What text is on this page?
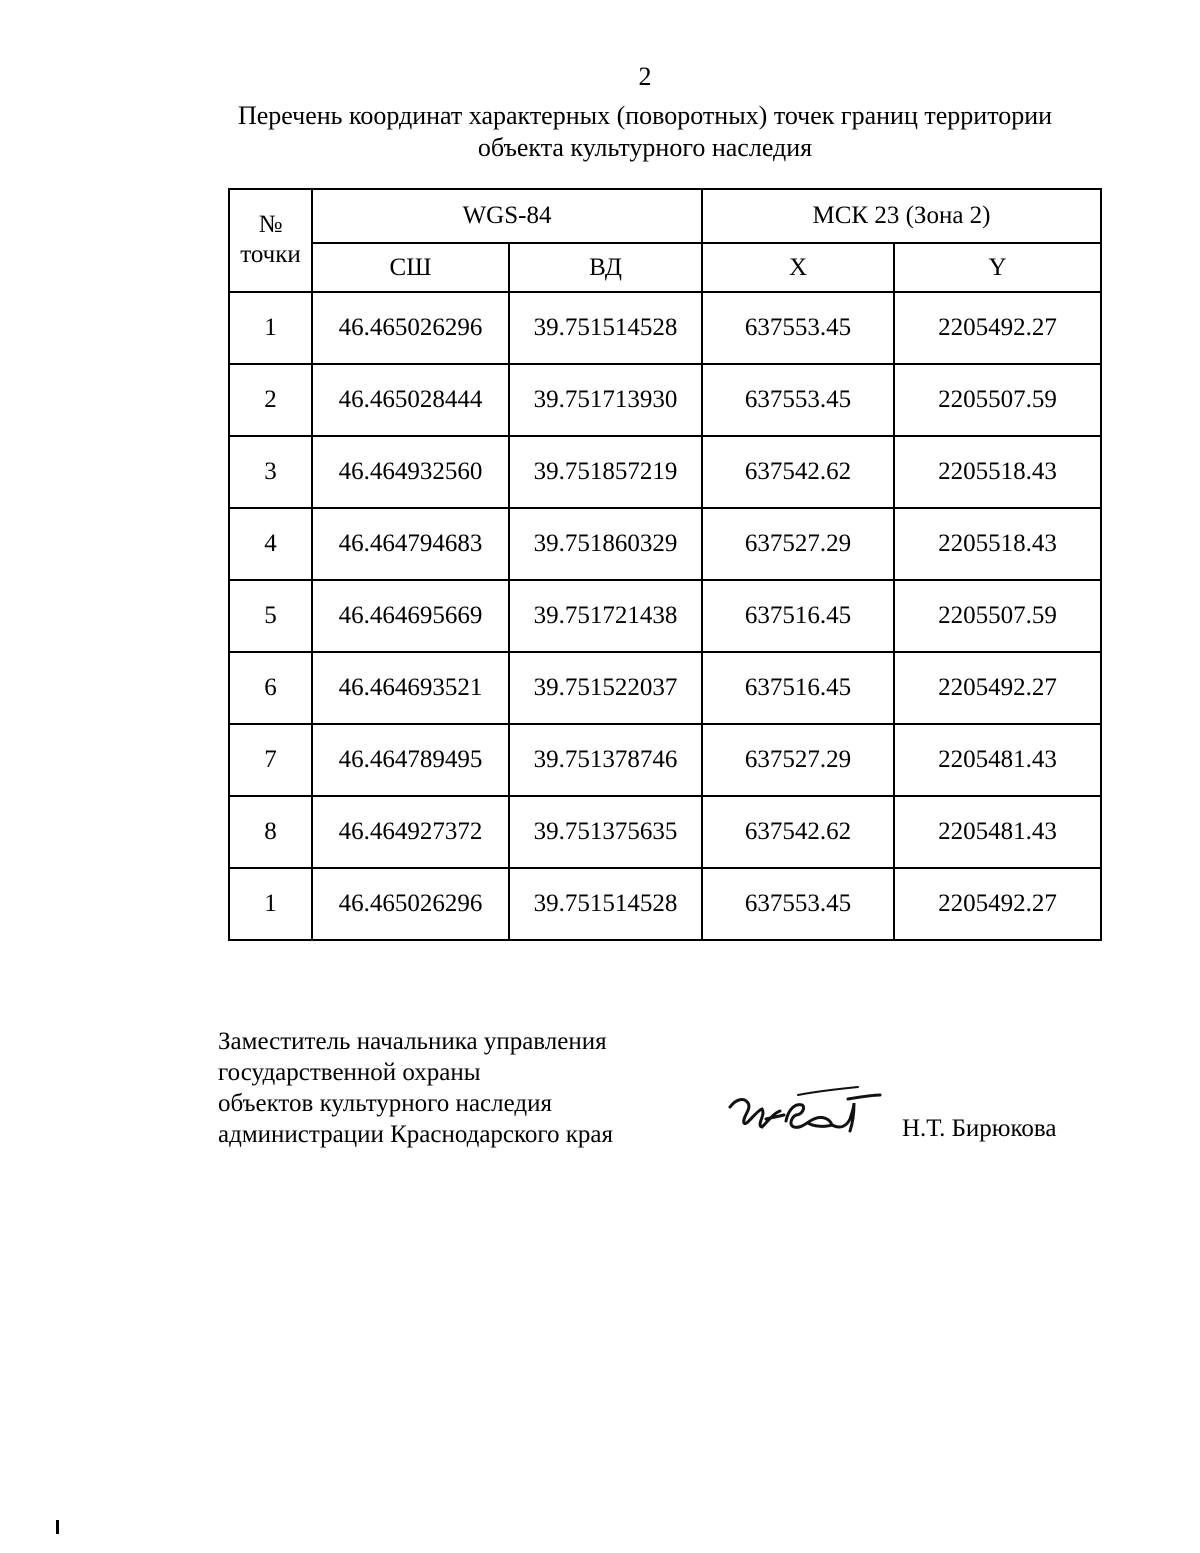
2
Перечень координат характерных (поворотных) точек границ территории
объекта культурного наследия
№
точки	WGS-84		МСК 23 (Зона 2)	
	СШ	ВД	X	Y
1	46.465026296	39.751514528	637553.45	2205492.27
2	46.465028444	39.751713930	637553.45	2205507.59
3	46.464932560	39.751857219	637542.62	2205518.43
4	46.464794683	39.751860329	637527.29	2205518.43
5	46.464695669	39.751721438	637516.45	2205507.59
6	46.464693521	39.751522037	637516.45	2205492.27
7	46.464789495	39.751378746	637527.29	2205481.43
8	46.464927372	39.751375635	637542.62	2205481.43
1	46.465026296	39.751514528	637553.45	2205492.27
Заместитель начальника управления
государственной охраны
объектов культурного наследия
администрации Краснодарского края	Н.Т. Бирюкова
